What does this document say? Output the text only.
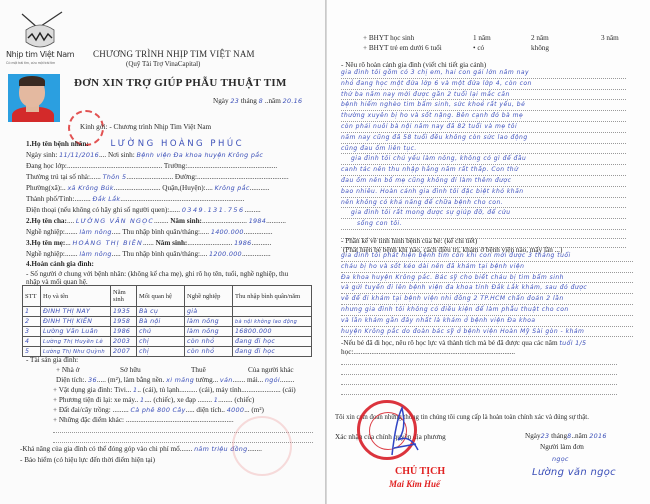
Nhịp tim Việt Nam
Có một trái tim, cứu một trái tim
CHƯƠNG TRÌNH NHỊP TIM VIỆT NAM
(Quỹ Tài Trợ VinaCapital)
ĐƠN XIN TRỢ GIÚP PHẪU THUẬT TIM
Ngày 23 tháng 8 ..năm 20.16
Kính gởi: - Chương trình Nhịp Tim Việt Nam
1.Họ tên bệnh nhân:	LƯỜNG HOÀNG PHÚC
Ngày sinh: 11/11/2016.... Nơi sinh: Bệnh viện Đa khoa huyện Krông pắc
Đang học lớp:..................................................... Trường:..................................................
Thường trú tại số nhà:...... Thôn 5.......................... Đường:...................................................
Phường(xã):.. xã Krông Búk.......................... Quận,(Huyện):.... Krông pắc...........
Thành phố/Tỉnh:......... Đắk Lắk.....................................................................
Điện thoại (nếu không có hãy ghi số người quen):...... 0349.131.756.........
2.Họ tên cha:.... LƯỜNG VĂN NGỌC........ Năm sinh:......................... 1984...........
Nghề nghiệp:....... làm nông..... Thu nhập bình quân/tháng:..... 1400.000................
3.Họ tên mẹ:... HOÀNG THỊ BIÊN...... Năm sinh:......................... 1986...........
Nghề nghiệp:....... làm nông..... Thu nhập bình quân/tháng:.... 1200.000................
4.Hoàn cảnh gia đình:
- Số người ở chung với bệnh nhân: (không kể cha mẹ), ghi rõ họ tên, tuổi, nghề nghiệp, thu
nhập và mối quan hệ.
STT	Họ và tên	Năm sinh	Mối quan hệ	Nghề nghiệp	Thu nhập bình quân/năm
1	ĐINH THỊ NAY	1935	Bà cụ	già	
2	ĐINH THỊ KIẾN	1958	Bà nội	làm nông	bà nội không lao động
3	Lường Văn Luân	1986	chú	làm nông	16800.000
4	Lường Thị Huyền Lê	2003	chị	còn nhỏ	đang đi học
5	Lường Thị Như Quỳnh	2007	chị	còn nhỏ	đang đi học
- Tài sản gia đình:
+ Nhà ở	Sở hữu	Thuê	Của người khác
Diện tích:. 36..... (m²), làm bằng nền. xi măng tường... ván....... mái... ngói........
+ Vật dụng gia đình: Tivi... 1.. (cái), tủ lạnh.......... (cái), máy tính...................... (cái)
+ Phương tiện đi lại: xe máy.. 1.... (chiếc), xe đạp ........ 1........ (chiếc)
+ Đất đai/cây trồng: ......... Cà phê 800 Cây..... diện tích.. 4000... (m²)
+ Những đặc điểm khác: ............................................................
-Khả năng của gia đình có thể đóng góp vào chi phí mổ....... năm triệu đồng........
- Bảo hiểm (có hiệu lực đến thời điểm hiện tại)
+ BHYT học sinh	1 năm	2 năm	3 năm
+ BHYT trẻ em dưới 6 tuổi	• có	không
- Nêu rõ hoàn cảnh gia đình (viết chi tiết gia cảnh)
gia đình tôi gồm có 3 chị em, hai con gái lớn năm nay
nhỏ đang học một đứa lớp 6 và một đứa lớp 4, còn con
thứ ba năm nay mới được gần 2 tuổi lại mắc căn
bệnh hiểm nghèo tim bẩm sinh, sức khoẻ rất yếu, bé
thường xuyên bị ho và sốt nặng. Bên cạnh đó bà mẹ
còn phải nuôi bà nội năm nay đã 82 tuổi và mẹ tôi
năm nay cũng đã 58 tuổi đều không còn sức lao động
cũng đau ốm liên tục.
gia đình tôi chủ yếu làm nông, không có gì để đầu
canh tác nên thu nhập hằng năm rất thấp. Con thứ
đau ốm nên bố mẹ cũng không đi làm thêm được
bao nhiêu. Hoàn cảnh gia đình tôi đặc biệt khó khăn
nên không có khả năng để chữa bệnh cho con.
gia đình tôi rất mong được sự giúp đỡ, để cứu
sống con tôi.
- Phần kể về tình hình bệnh của bé: (kể chi tiết)
(Phát hiện bé bệnh khi nào, cách điều trị, khám ở bệnh viện nào, mấy lần ...)
gia đình tôi phát hiện bệnh tim con khi con mới được 3 tháng tuổi
cháu bị ho và sốt kéo dài nên đã khám tại bệnh viện
Đa khoa huyện Krông pắc. Bác sỹ cho biết cháu bị tim bẩm sinh
và gửi tuyến đi lên bệnh viện đa khoa tỉnh Đắk Lắk khám, sau đó được
về để đi khám tại bệnh viện nhi đồng 2 TP.HCM chẩn đoán 2 lần
nhưng gia đình tôi không có điều kiện để làm phẫu thuật cho con
và lần khám gần đây nhất là khám ở bệnh viện Đa khoa
huyện Krông pắc do đoàn bác sỹ ở bệnh viện Hoàn Mỹ Sài gòn - khám
-Nếu bé đã đi học, nêu rõ học lực và thành tích mà bé đã được qua các năm tuổi 1/5
học:..........................................................................................
Tôi xin cam đoan những thông tin chúng tôi cung cấp là hoàn toàn chính xác và đúng sự thật.
Xác nhận của chính quyền địa phương	Ngày23 tháng8..năm 2016
Người làm đơn
ngọc
Lường văn ngọc
CHỦ TỊCH
Mai Kim Huế
